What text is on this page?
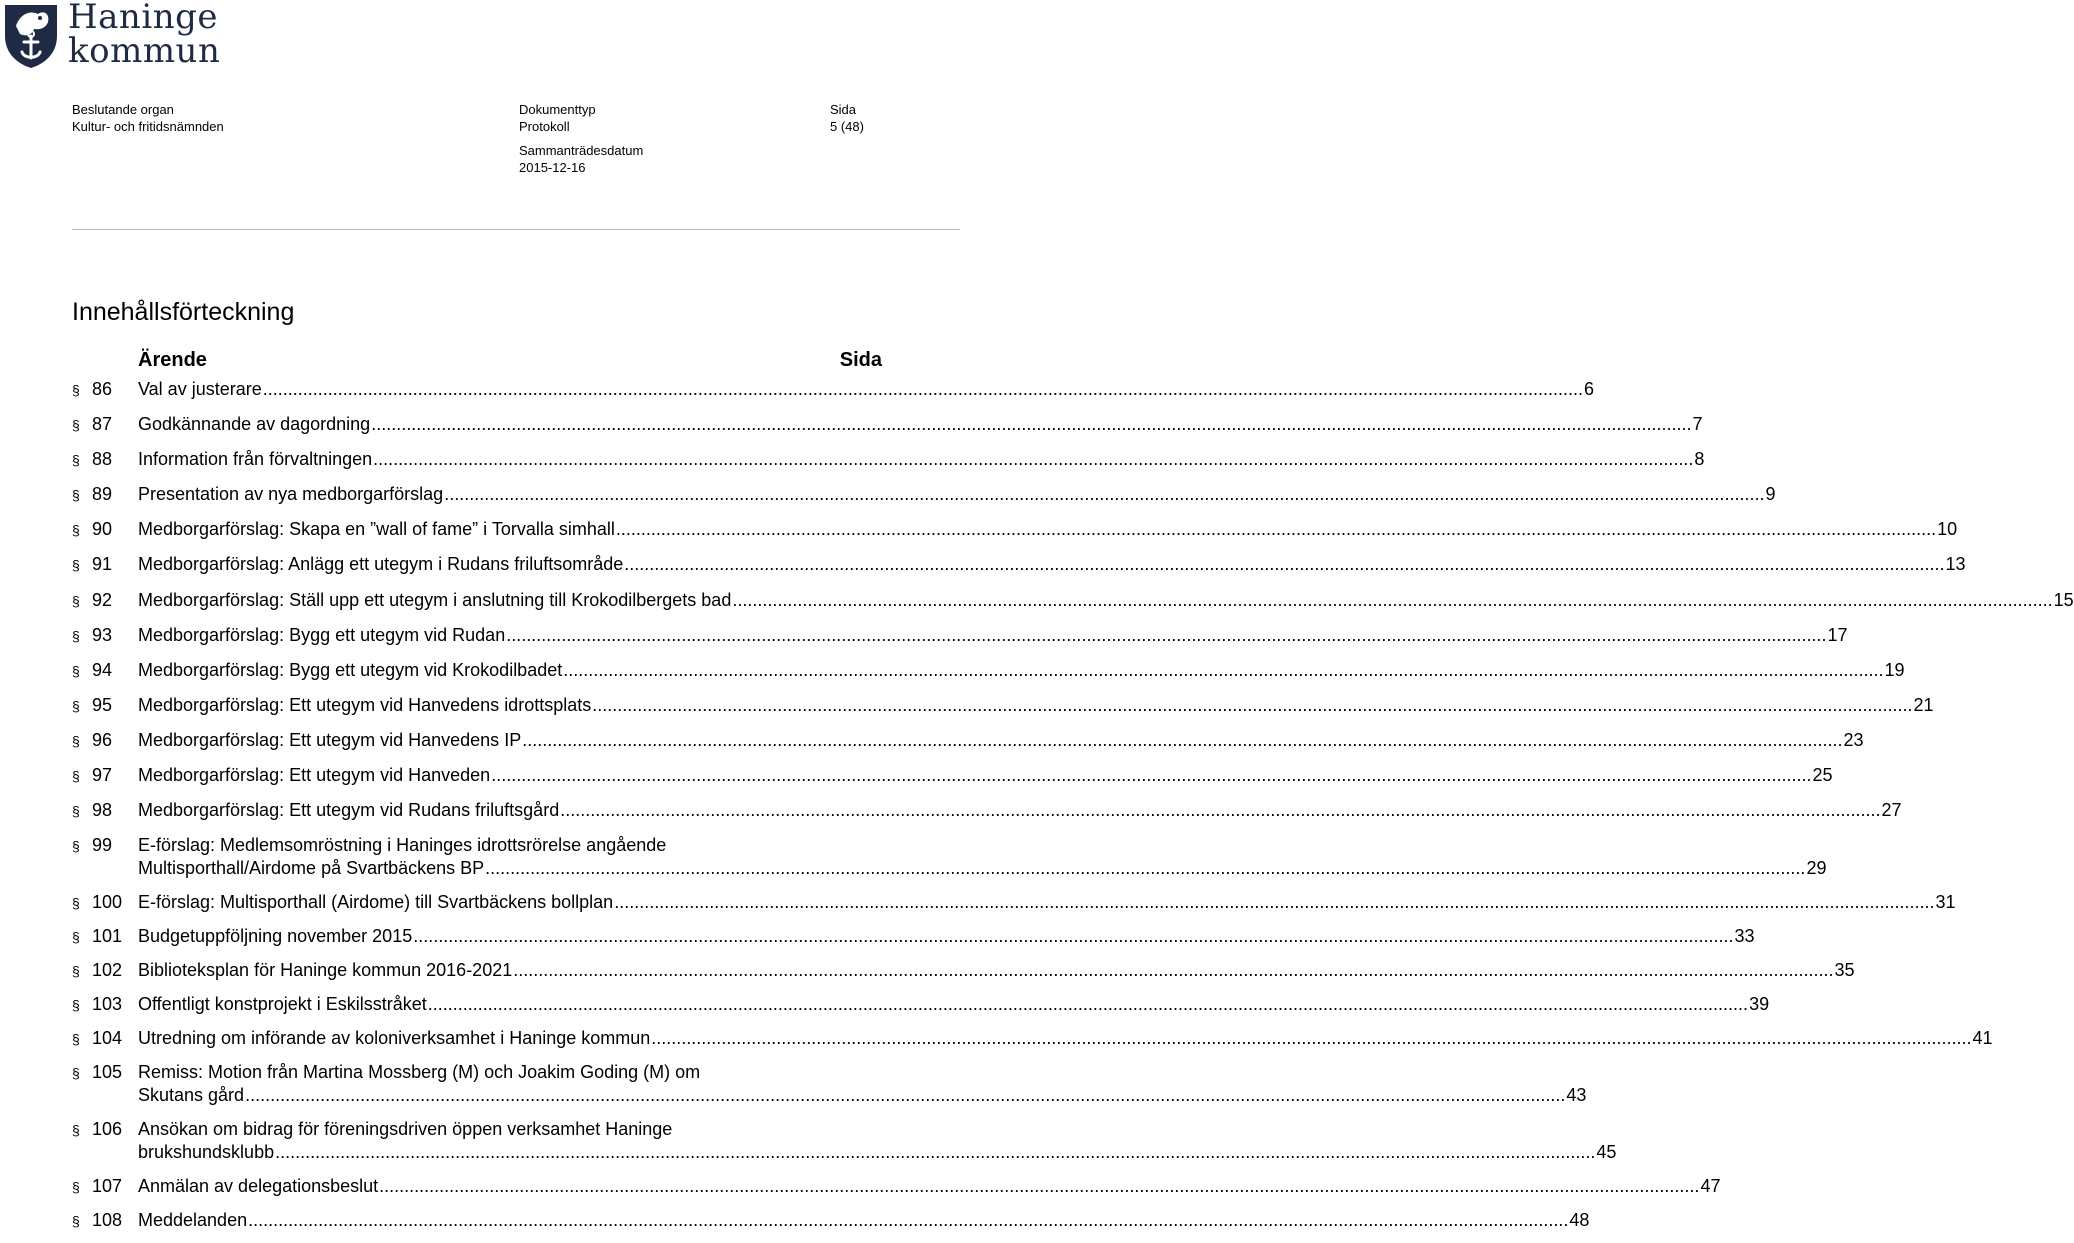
Haninge
kommun
Beslutande organ
Kultur- och fritidsnämnden
Dokumenttyp
Protokoll
Sida
5 (48)
Sammanträdesdatum
2015-12-16
Innehållsförteckning
Ärende	Sida
§ 86	Val av justerare .....	6
§ 87	Godkännande av dagordning .....	7
§ 88	Information från förvaltningen .....	8
§ 89	Presentation av nya medborgarförslag .....	9
§ 90	Medborgarförslag: Skapa en ”wall of fame” i Torvalla simhall .....	10
§ 91	Medborgarförslag: Anlägg ett utegym i Rudans friluftsområde .....	13
§ 92	Medborgarförslag: Ställ upp ett utegym i anslutning till Krokodilbergets bad .....	15
§ 93	Medborgarförslag: Bygg ett utegym vid Rudan .....	17
§ 94	Medborgarförslag: Bygg ett utegym vid Krokodilbadet .....	19
§ 95	Medborgarförslag: Ett utegym vid Hanvedens idrottsplats .....	21
§ 96	Medborgarförslag: Ett utegym vid Hanvedens IP .....	23
§ 97	Medborgarförslag: Ett utegym vid Hanveden .....	25
§ 98	Medborgarförslag: Ett utegym vid Rudans friluftsgård .....	27
§ 99	E-förslag: Medlemsomröstning i Haninges idrottsrörelse angående
Multisporthall/Airdome på Svartbäckens BP .....	29
§ 100 E-förslag: Multisporthall (Airdome) till Svartbäckens bollplan .....	31
§ 101 Budgetuppföljning november 2015 .....	33
§ 102 Biblioteksplan för Haninge kommun 2016-2021 .....	35
§ 103 Offentligt konstprojekt i Eskilsstråket .....	39
§ 104 Utredning om införande av koloniverksamhet i Haninge kommun .....	41
§ 105 Remiss: Motion från Martina Mossberg (M) och Joakim Goding (M) om
Skutans gård .....	43
§ 106 Ansökan om bidrag för föreningsdriven öppen verksamhet Haninge
brukshundsklubb .....	45
§ 107 Anmälan av delegationsbeslut .....	47
§ 108 Meddelanden .....	48
